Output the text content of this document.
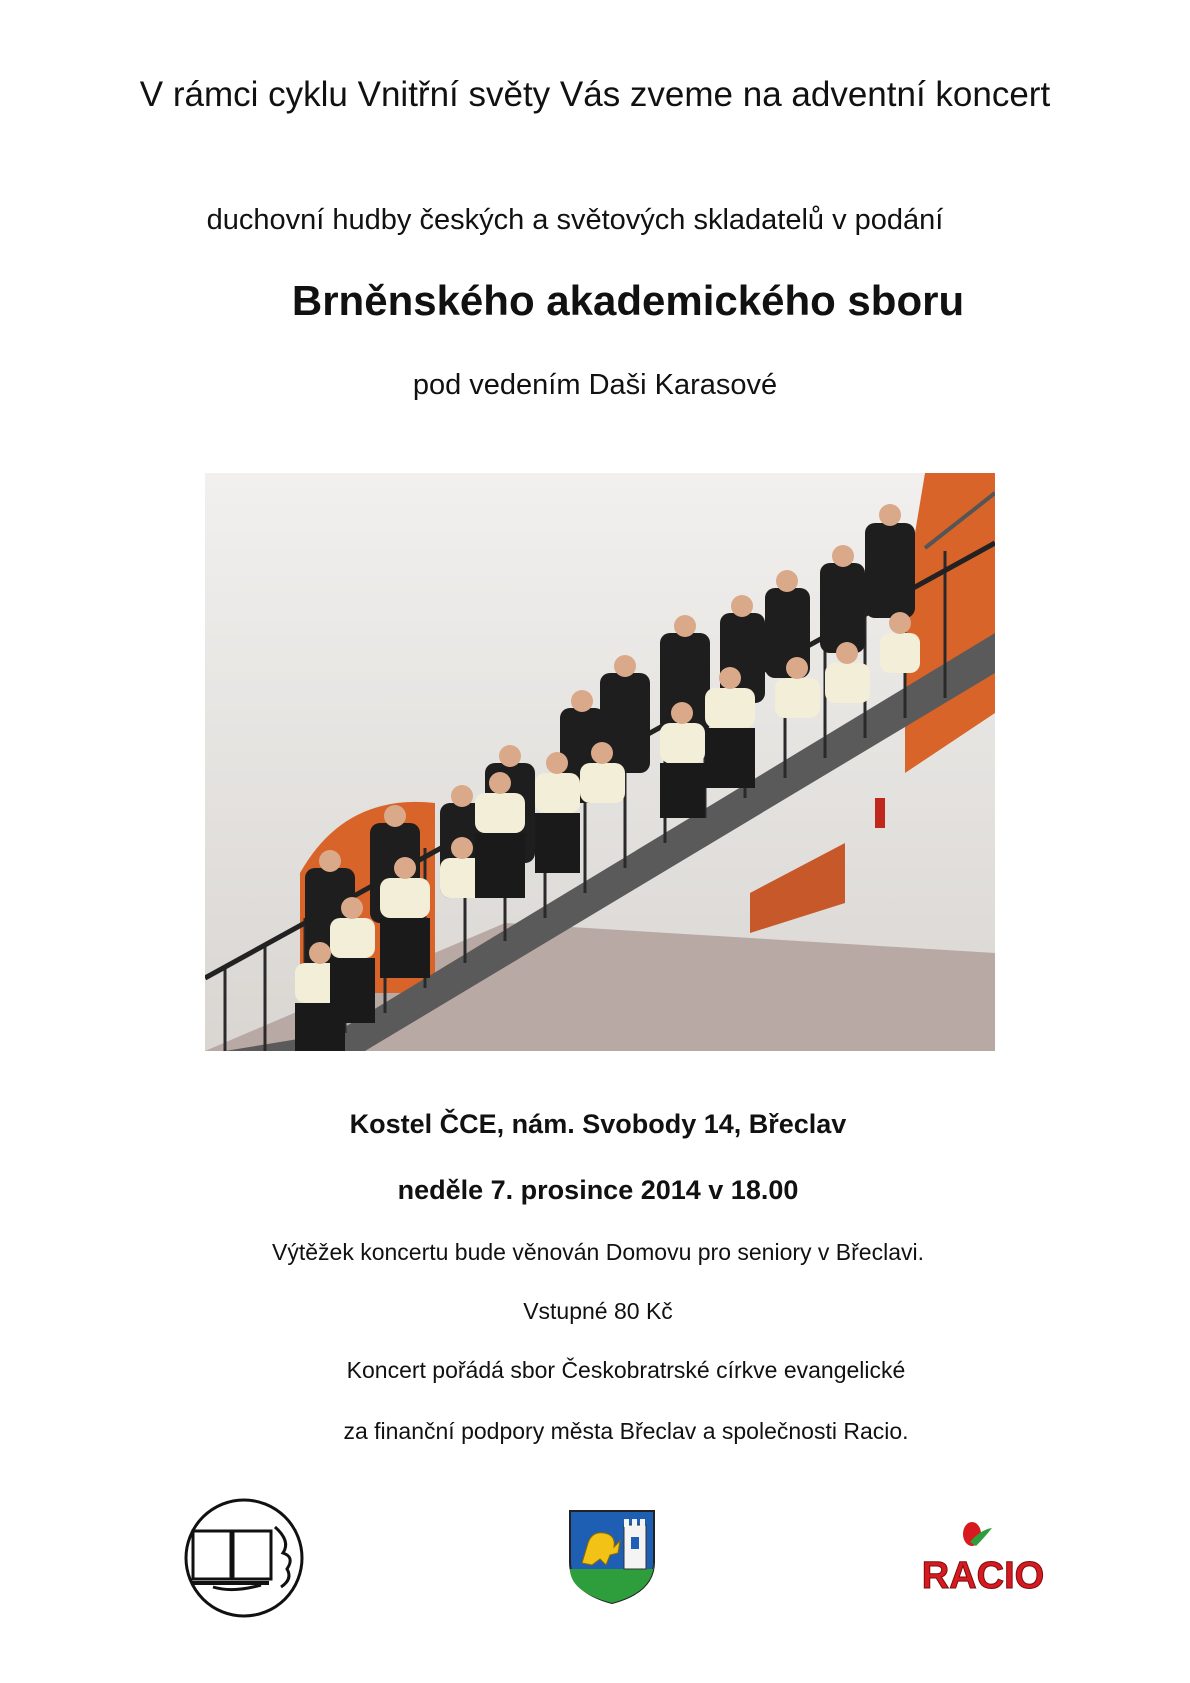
V rámci cyklu Vnitřní světy Vás zveme na adventní koncert
duchovní hudby českých a světových skladatelů v podání
Brněnského akademického sboru
pod vedením Daši Karasové
Kostel ČCE, nám. Svobody 14, Břeclav
neděle 7. prosince 2014 v 18.00
Výtěžek koncertu bude věnován Domovu pro seniory v Břeclavi.
Vstupné 80 Kč
Koncert pořádá sbor Českobratrské církve evangelické
za finanční podpory města Břeclav a společnosti Racio.
RACIO
